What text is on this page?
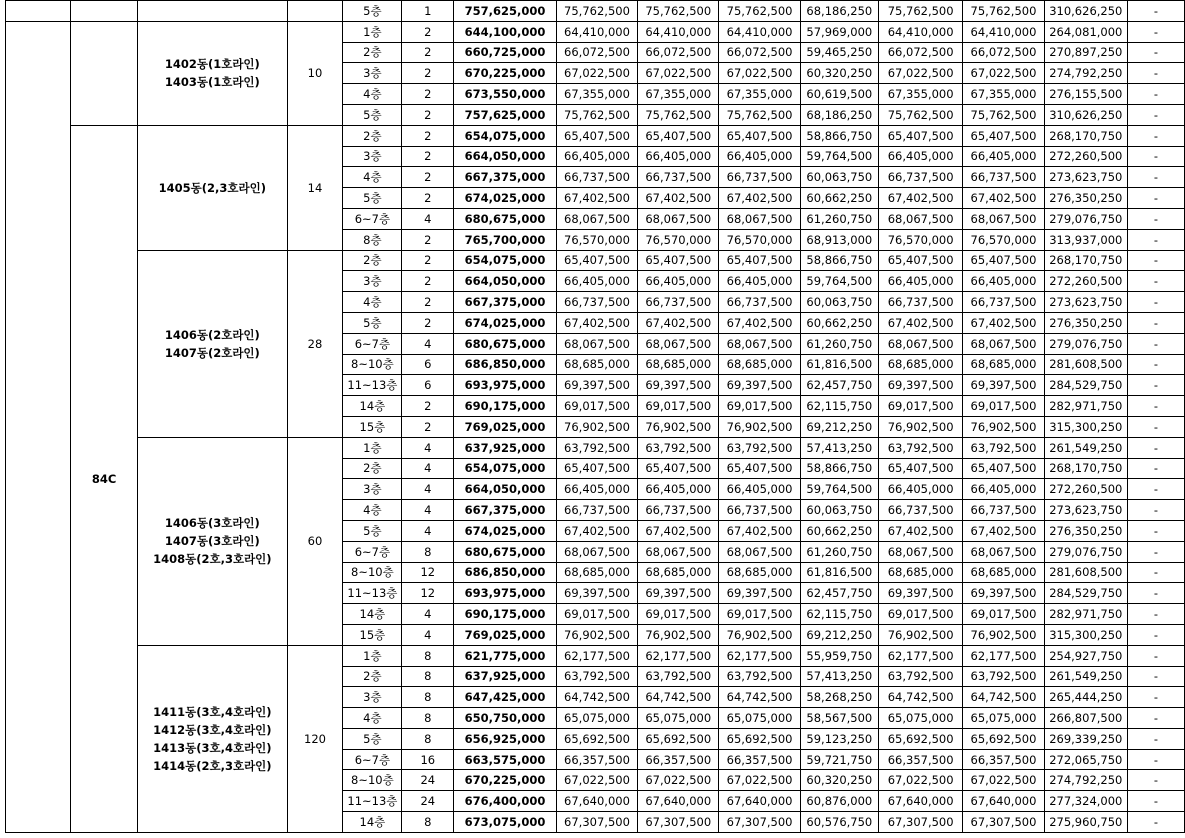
				5층	1	757,625,000	75,762,500	75,762,500	75,762,500	68,186,250	75,762,500	75,762,500	310,626,250	-

		1402동(1호라인)
1403동(1호라인)	10	1층	2	644,100,000	64,410,000	64,410,000	64,410,000	57,969,000	64,410,000	64,410,000	264,081,000	-
				2층	2	660,725,000	66,072,500	66,072,500	66,072,500	59,465,250	66,072,500	66,072,500	270,897,250	-
				3층	2	670,225,000	67,022,500	67,022,500	67,022,500	60,320,250	67,022,500	67,022,500	274,792,250	-
				4층	2	673,550,000	67,355,000	67,355,000	67,355,000	60,619,500	67,355,000	67,355,000	276,155,500	-
				5층	2	757,625,000	75,762,500	75,762,500	75,762,500	68,186,250	75,762,500	75,762,500	310,626,250	-
	84C	1405동(2,3호라인)	14	2층	2	654,075,000	65,407,500	65,407,500	65,407,500	58,866,750	65,407,500	65,407,500	268,170,750	-
				3층	2	664,050,000	66,405,000	66,405,000	66,405,000	59,764,500	66,405,000	66,405,000	272,260,500	-
				4층	2	667,375,000	66,737,500	66,737,500	66,737,500	60,063,750	66,737,500	66,737,500	273,623,750	-
				5층	2	674,025,000	67,402,500	67,402,500	67,402,500	60,662,250	67,402,500	67,402,500	276,350,250	-
				6~7층	4	680,675,000	68,067,500	68,067,500	68,067,500	61,260,750	68,067,500	68,067,500	279,076,750	-
				8층	2	765,700,000	76,570,000	76,570,000	76,570,000	68,913,000	76,570,000	76,570,000	313,937,000	-

		1406동(2호라인)
1407동(2호라인)	28	2층	2	654,075,000	65,407,500	65,407,500	65,407,500	58,866,750	65,407,500	65,407,500	268,170,750	-
				3층	2	664,050,000	66,405,000	66,405,000	66,405,000	59,764,500	66,405,000	66,405,000	272,260,500	-
				4층	2	667,375,000	66,737,500	66,737,500	66,737,500	60,063,750	66,737,500	66,737,500	273,623,750	-
				5층	2	674,025,000	67,402,500	67,402,500	67,402,500	60,662,250	67,402,500	67,402,500	276,350,250	-
				6~7층	4	680,675,000	68,067,500	68,067,500	68,067,500	61,260,750	68,067,500	68,067,500	279,076,750	-
				8~10층	6	686,850,000	68,685,000	68,685,000	68,685,000	61,816,500	68,685,000	68,685,000	281,608,500	-
				11~13층	6	693,975,000	69,397,500	69,397,500	69,397,500	62,457,750	69,397,500	69,397,500	284,529,750	-
				14층	2	690,175,000	69,017,500	69,017,500	69,017,500	62,115,750	69,017,500	69,017,500	282,971,750	-
				15층	2	769,025,000	76,902,500	76,902,500	76,902,500	69,212,250	76,902,500	76,902,500	315,300,250	-

		1406동(3호라인)
1407동(3호라인)
1408동(2호,3호라인)	60	1층	4	637,925,000	63,792,500	63,792,500	63,792,500	57,413,250	63,792,500	63,792,500	261,549,250	-
				2층	4	654,075,000	65,407,500	65,407,500	65,407,500	58,866,750	65,407,500	65,407,500	268,170,750	-
				3층	4	664,050,000	66,405,000	66,405,000	66,405,000	59,764,500	66,405,000	66,405,000	272,260,500	-
				4층	4	667,375,000	66,737,500	66,737,500	66,737,500	60,063,750	66,737,500	66,737,500	273,623,750	-
				5층	4	674,025,000	67,402,500	67,402,500	67,402,500	60,662,250	67,402,500	67,402,500	276,350,250	-
				6~7층	8	680,675,000	68,067,500	68,067,500	68,067,500	61,260,750	68,067,500	68,067,500	279,076,750	-
				8~10층	12	686,850,000	68,685,000	68,685,000	68,685,000	61,816,500	68,685,000	68,685,000	281,608,500	-
				11~13층	12	693,975,000	69,397,500	69,397,500	69,397,500	62,457,750	69,397,500	69,397,500	284,529,750	-
				14층	4	690,175,000	69,017,500	69,017,500	69,017,500	62,115,750	69,017,500	69,017,500	282,971,750	-
				15층	4	769,025,000	76,902,500	76,902,500	76,902,500	69,212,250	76,902,500	76,902,500	315,300,250	-

		1411동(3호,4호라인)
1412동(3호,4호라인)
1413동(3호,4호라인)
1414동(2호,3호라인)	120	1층	8	621,775,000	62,177,500	62,177,500	62,177,500	55,959,750	62,177,500	62,177,500	254,927,750	-
				2층	8	637,925,000	63,792,500	63,792,500	63,792,500	57,413,250	63,792,500	63,792,500	261,549,250	-
				3층	8	647,425,000	64,742,500	64,742,500	64,742,500	58,268,250	64,742,500	64,742,500	265,444,250	-
				4층	8	650,750,000	65,075,000	65,075,000	65,075,000	58,567,500	65,075,000	65,075,000	266,807,500	-
				5층	8	656,925,000	65,692,500	65,692,500	65,692,500	59,123,250	65,692,500	65,692,500	269,339,250	-
				6~7층	16	663,575,000	66,357,500	66,357,500	66,357,500	59,721,750	66,357,500	66,357,500	272,065,750	-
				8~10층	24	670,225,000	67,022,500	67,022,500	67,022,500	60,320,250	67,022,500	67,022,500	274,792,250	-
				11~13층	24	676,400,000	67,640,000	67,640,000	67,640,000	60,876,000	67,640,000	67,640,000	277,324,000	-
				14층	8	673,075,000	67,307,500	67,307,500	67,307,500	60,576,750	67,307,500	67,307,500	275,960,750	-
